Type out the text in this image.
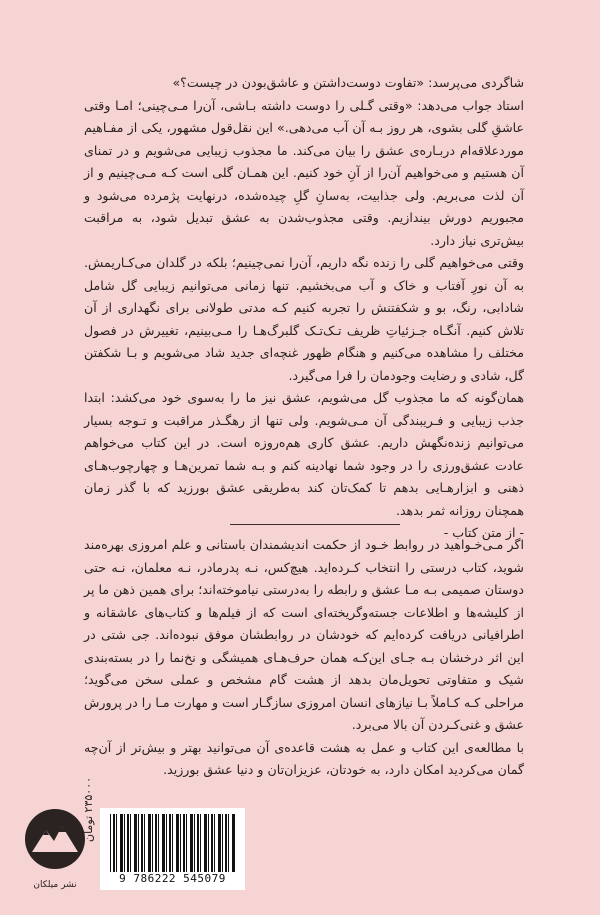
شاگردی می‌پرسد: «تفاوت دوست‌داشتن و عاشق‌بودن در چیست؟»

استاد جواب می‌دهد: «وقتی گـلی را دوست داشته بـاشی، آن‌را مـی‌چینی؛ امـا وقتی عاشقِ گلی بشوی، هر روز بـه آن آب می‌دهی.» این نقل‌قول مشهور، یکی از مفـاهیم موردعلاقه‌ام دربـاره‌ی عشق را بیان می‌کند. ما مجذوب زیبایی می‌شویم و در تمنای آن هستیم و می‌خواهیم آن‌را از آنِ خود کنیم. این همـان گلی است کـه مـی‌چینیم و از آن لذت می‌بریم. ولی جذابیت، به‌سانِ گلِ چیده‌شده، درنهایت پژمرده می‌شود و مجبوریم دورش بیندازیم. وقتی مجذوب‌شدن به عشق تبدیل شود، به مراقبت بیش‌تری نیاز دارد.

وقتی می‌خواهیم گلی را زنده نگه داریم، آن‌را نمی‌چینیم؛ بلکه در گلدان می‌کـاریمش. به آن نورِ آفتاب و خاک و آب می‌بخشیم. تنها زمانی می‌توانیم زیبایی گل شامل شادابی، رنگ، بو و شکفتنش را تجربه کنیم کـه مدتی طولانی برای نگهداری از آن تلاش کنیم. آنگـاه جـزئیاتِ ظریف تـک‌تـک گلبرگ‌هـا را مـی‌بینیم، تغییرش در فصول مختلف را مشاهده می‌کنیم و هنگام ظهور غنچه‌ای جدید شاد می‌شویم و بـا شکفتن گل، شادی و رضایت وجودمان را فرا می‌گیرد.

همان‌گونه که ما مجذوب گل می‌شویم، عشق نیز ما را به‌سوی خود می‌کشد: ابتدا جذب زیبایی و فـریبندگی آن مـی‌شویم. ولی تنها از رهگـذر مراقبت و تـوجه بسیار می‌توانیم زنده‌نگهش داریم. عشق کاری هم‌ه‌روزه است. در این کتاب می‌خواهم عادت عشق‌ورزی را در وجود شما نهادینه کنم و بـه شما تمرین‌هـا و چهارچوب‌هـای ذهنی و ابزارهـایی بدهم تا کمک‌تان کند به‌طریقی عشق بورزید که با گذر زمان همچنان روزانه ثمر بدهد.

- از متن کتاب -

اگر مـی‌خـواهید در روابط خـود از حکمت اندیشمندان باستانی و علم امروزی بهره‌مند شوید، کتاب درستی را انتخاب کـرده‌اید. هیچ‌کس، نـه پدرمادر، نـه معلمان، نـه حتی دوستان صمیمی بـه مـا عشق و رابطه را به‌درستی نیاموخته‌اند؛ برای همین ذهن ما پر از کلیشه‌ها و اطلاعات جسته‌وگریخته‌ای است که از فیلم‌ها و کتاب‌های عاشقانه و اطرافیانی دریافت کرده‌ایم که خودشان در روابطشان موفق نبوده‌اند. جی شتی در این اثر درخشان بـه جـای این‌کـه همان حرف‌هـای همیشگی و نخ‌نما را در بسته‌بندی شیک و متفاوتی تحویل‌مان بدهد از هشت گام مشخص و عملی سخن می‌گوید؛ مراحلی کـه کـاملاً بـا نیازهای انسان امروزی سازگـار است و مهارت مـا را در پرورش عشق و غنی‌کـردن آن بالا می‌برد.

با مطالعه‌ی این کتاب و عمل به هشت قاعده‌ی آن می‌توانید بهتر و بیش‌تر از آن‌چه گمان می‌کردید امکان دارد، به خودتان، عزیزان‌تان و دنیا عشق بورزید.

۲۳۵۰۰۰ تومان
9 786222 545079
نشر میلکان
